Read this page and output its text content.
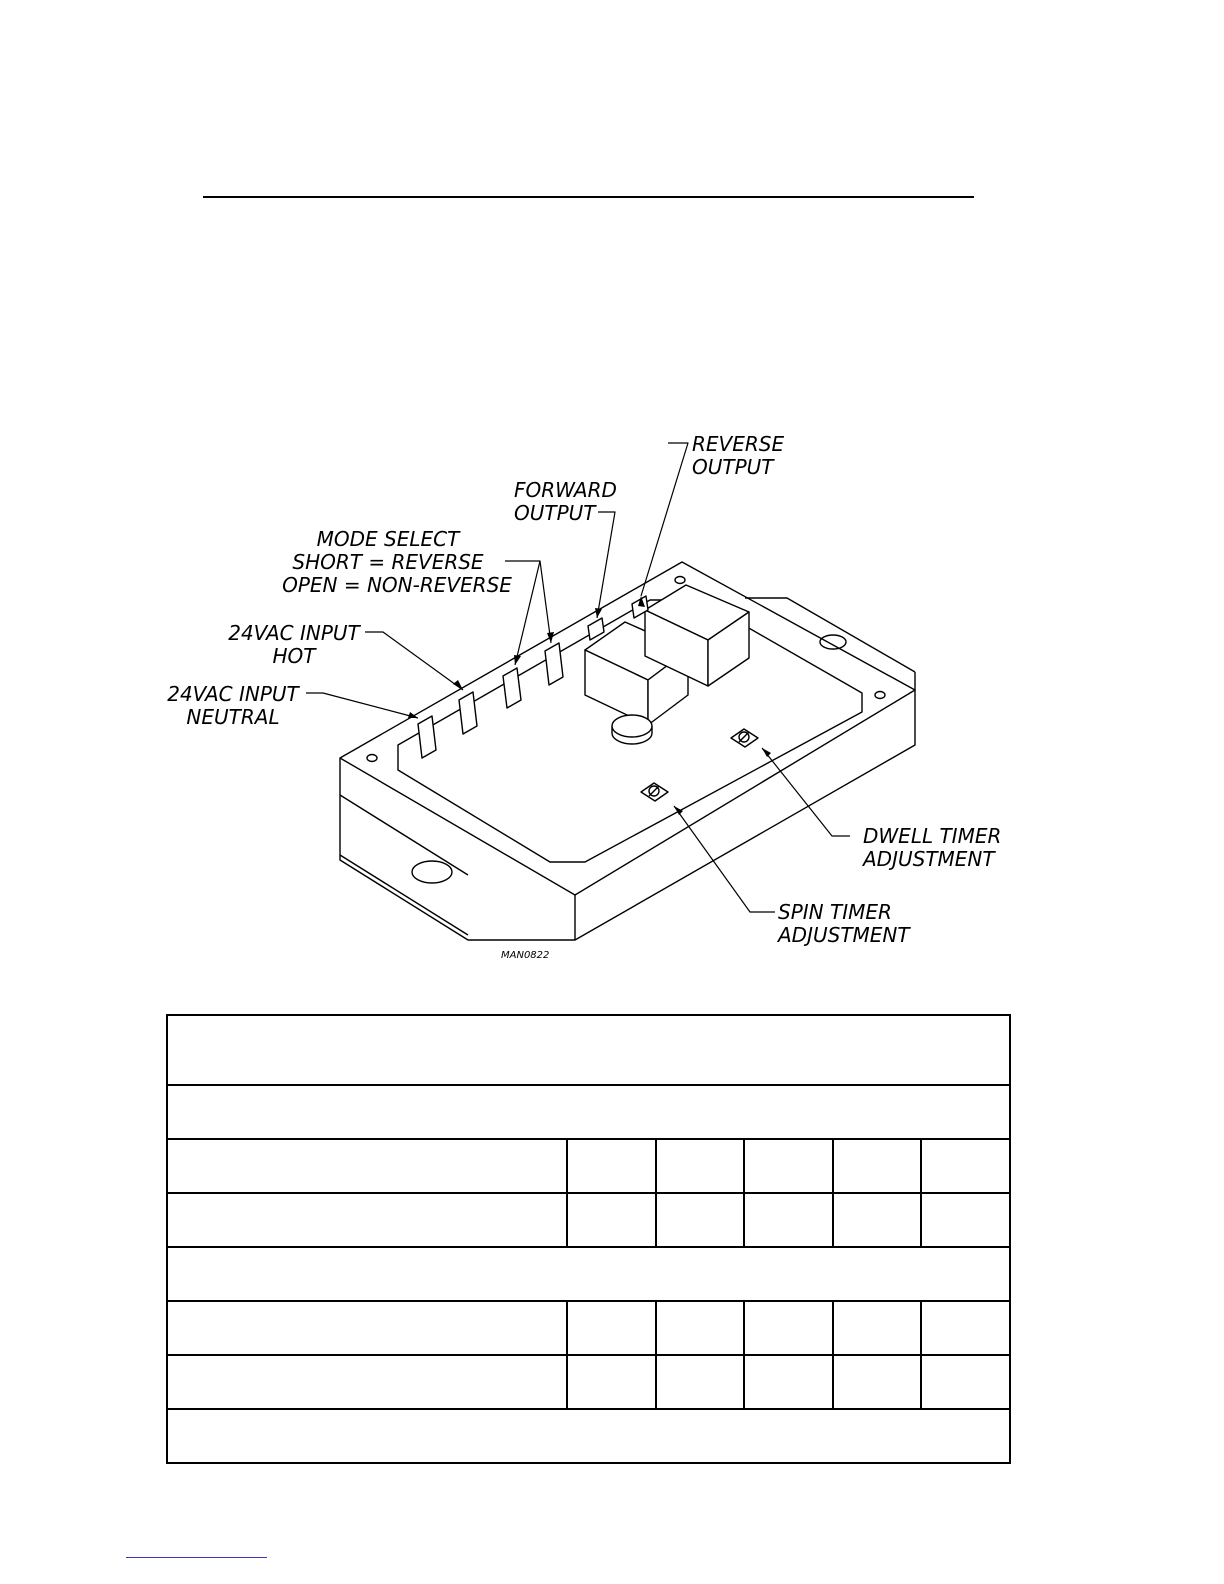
REVERSE OUTPUT
FORWARD OUTPUT
MODE SELECT SHORT = REVERSE OPEN = NON-REVERSE
24VAC INPUT HOT
24VAC INPUT NEUTRAL
DWELL TIMER ADJUSTMENT
SPIN TIMER ADJUSTMENT
MAN0822
